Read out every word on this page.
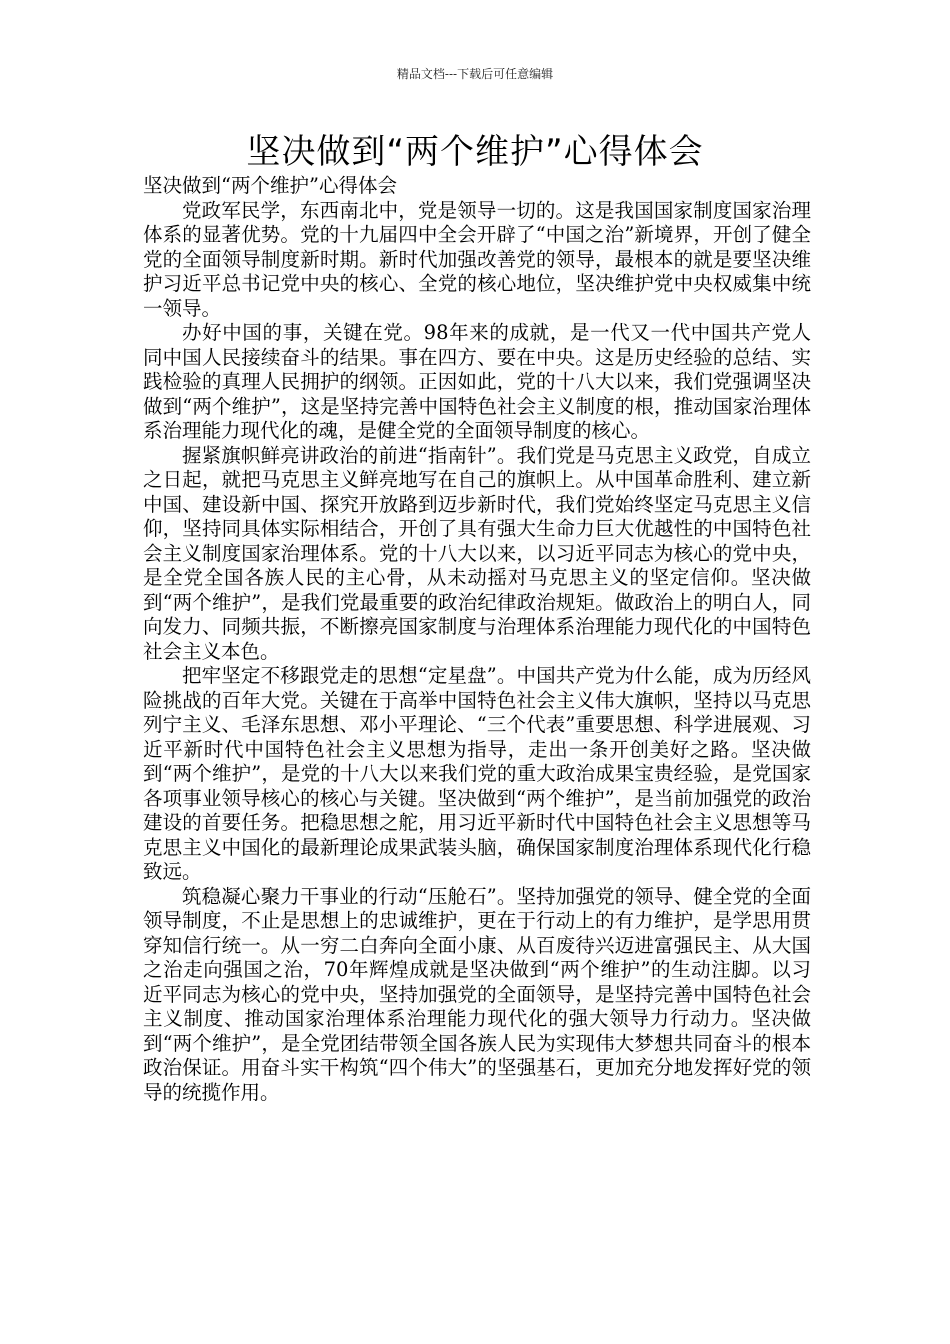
精品文档---下载后可任意编辑
坚决做到“两个维护”心得体会

坚决做到“两个维护”心得体会

党政军民学，东西南北中，党是领导一切的。这是我国国家制度国家治理体系的显著优势。党的十九届四中全会开辟了“中国之治”新境界，开创了健全党的全面领导制度新时期。新时代加强改善党的领导，最根本的就是要坚决维护习近平总书记党中央的核心、全党的核心地位，坚决维护党中央权威集中统一领导。

办好中国的事，关键在党。98年来的成就，是一代又一代中国共产党人同中国人民接续奋斗的结果。事在四方、要在中央。这是历史经验的总结、实践检验的真理人民拥护的纲领。正因如此，党的十八大以来，我们党强调坚决做到“两个维护”，这是坚持完善中国特色社会主义制度的根，推动国家治理体系治理能力现代化的魂，是健全党的全面领导制度的核心。

握紧旗帜鲜亮讲政治的前进“指南针”。我们党是马克思主义政党，自成立之日起，就把马克思主义鲜亮地写在自己的旗帜上。从中国革命胜利、建立新中国、建设新中国、探究开放路到迈步新时代，我们党始终坚定马克思主义信仰，坚持同具体实际相结合，开创了具有强大生命力巨大优越性的中国特色社会主义制度国家治理体系。党的十八大以来，以习近平同志为核心的党中央，是全党全国各族人民的主心骨，从未动摇对马克思主义的坚定信仰。坚决做到“两个维护”，是我们党最重要的政治纪律政治规矩。做政治上的明白人，同向发力、同频共振，不断擦亮国家制度与治理体系治理能力现代化的中国特色社会主义本色。

把牢坚定不移跟党走的思想“定星盘”。中国共产党为什么能，成为历经风险挑战的百年大党。关键在于高举中国特色社会主义伟大旗帜，坚持以马克思列宁主义、毛泽东思想、邓小平理论、“三个代表”重要思想、科学进展观、习近平新时代中国特色社会主义思想为指导，走出一条开创美好之路。坚决做到“两个维护”，是党的十八大以来我们党的重大政治成果宝贵经验，是党国家各项事业领导核心的核心与关键。坚决做到“两个维护”，是当前加强党的政治建设的首要任务。把稳思想之舵，用习近平新时代中国特色社会主义思想等马克思主义中国化的最新理论成果武装头脑，确保国家制度治理体系现代化行稳致远。

筑稳凝心聚力干事业的行动“压舱石”。坚持加强党的领导、健全党的全面领导制度，不止是思想上的忠诚维护，更在于行动上的有力维护，是学思用贯穿知信行统一。从一穷二白奔向全面小康、从百废待兴迈进富强民主、从大国之治走向强国之治，70年辉煌成就是坚决做到“两个维护”的生动注脚。以习近平同志为核心的党中央，坚持加强党的全面领导，是坚持完善中国特色社会主义制度、推动国家治理体系治理能力现代化的强大领导力行动力。坚决做到“两个维护”，是全党团结带领全国各族人民为实现伟大梦想共同奋斗的根本政治保证。用奋斗实干构筑“四个伟大”的坚强基石，更加充分地发挥好党的领导的统揽作用。
